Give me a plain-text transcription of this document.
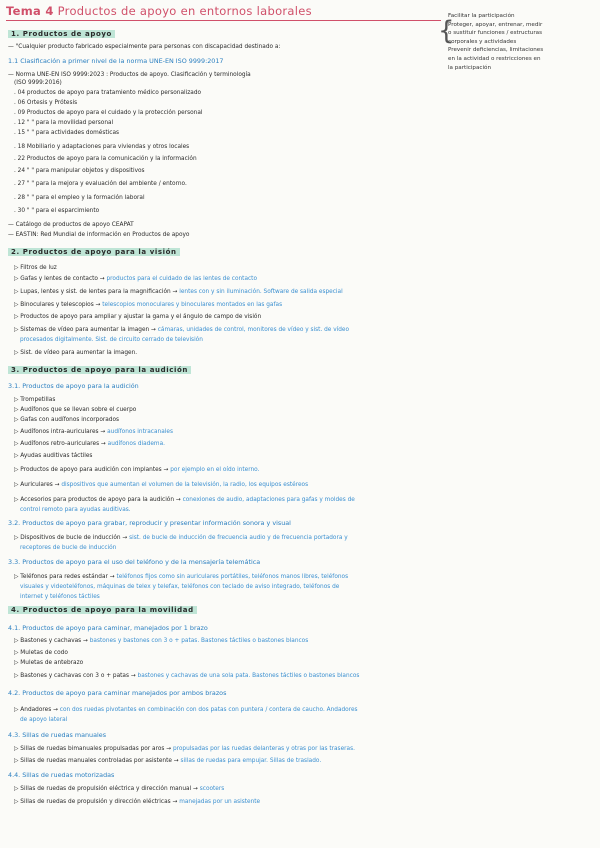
Tema 4 Productos de apoyo en entornos laborales
{
Facilitar la participación
Proteger, apoyar, entrenar, medir
o sustituir funciones / estructuras
corporales y actividades
Prevenir deficiencias, limitaciones
en la actividad o restricciones en
la participación
1. Productos de apoyo
— "Cualquier producto fabricado especialmente para personas con discapacidad destinado a:
1.1 Clasificación a primer nivel de la norma UNE-EN ISO 9999:2017
— Norma UNE-EN ISO 9999:2023 : Productos de apoyo. Clasificación y terminología
(ISO 9999:2016)
. 04 productos de apoyo para tratamiento médico personalizado
. 06 Ortesis y Prótesis
. 09 Productos de apoyo para el cuidado y la protección personal
. 12 " " para la movilidad personal
. 15 " " para actividades domésticas
. 18 Mobiliario y adaptaciones para viviendas y otros locales
. 22 Productos de apoyo para la comunicación y la información
. 24 " " para manipular objetos y dispositivos
. 27 " " para la mejora y evaluación del ambiente / entorno.
. 28 " " para el empleo y la formación laboral
. 30 " " para el esparcimiento
— Catálogo de productos de apoyo CEAPAT
— EASTIN: Red Mundial de información en Productos de apoyo
2. Productos de apoyo para la visión
▷ Filtros de luz
▷ Gafas y lentes de contacto → productos para el cuidado de las lentes de contacto
▷ Lupas, lentes y sist. de lentes para la magnificación → lentes con y sin iluminación. Software de salida especial
▷ Binoculares y telescopios → telescopios monoculares y binoculares montados en las gafas
▷ Productos de apoyo para ampliar y ajustar la gama y el ángulo de campo de visión
▷ Sistemas de vídeo para aumentar la imagen → cámaras, unidades de control, monitores de vídeo y sist. de vídeo
procesados digitalmente. Sist. de circuito cerrado de televisión
▷ Sist. de vídeo para aumentar la imagen.
3. Productos de apoyo para la audición
3.1. Productos de apoyo para la audición
▷ Trompetillas
▷ Audífonos que se llevan sobre el cuerpo
▷ Gafas con audífonos incorporados
▷ Audífonos intra-auriculares → audífonos intracanales
▷ Audífonos retro-auriculares → audífonos diadema.
▷ Ayudas auditivas táctiles
▷ Productos de apoyo para audición con implantes → por ejemplo en el oído interno.
▷ Auriculares → dispositivos que aumentan el volumen de la televisión, la radio, los equipos estéreos
▷ Accesorios para productos de apoyo para la audición → conexiones de audio, adaptaciones para gafas y moldes de
control remoto para ayudas auditivas.
3.2. Productos de apoyo para grabar, reproducir y presentar información sonora y visual
▷ Dispositivos de bucle de inducción → sist. de bucle de inducción de frecuencia audio y de frecuencia portadora y
receptores de bucle de inducción
3.3. Productos de apoyo para el uso del teléfono y de la mensajería telemática
▷ Teléfonos para redes estándar → teléfonos fijos como sin auriculares portátiles, teléfonos manos libres, teléfonos
visuales y videoteléfonos, máquinas de telex y telefax, teléfonos con teclado de aviso integrado, teléfonos de
internet y teléfonos táctiles
4. Productos de apoyo para la movilidad
4.1. Productos de apoyo para caminar, manejados por 1 brazo
▷ Bastones y cachavas → bastones y bastones con 3 o + patas. Bastones táctiles o bastones blancos
▷ Muletas de codo
▷ Muletas de antebrazo
▷ Bastones y cachavas con 3 o + patas → bastones y cachavas de una sola pata. Bastones táctiles o bastones blancos
4.2. Productos de apoyo para caminar manejados por ambos brazos
▷ Andadores → con dos ruedas pivotantes en combinación con dos patas con puntera / contera de caucho. Andadores
de apoyo lateral
4.3. Sillas de ruedas manuales
▷ Sillas de ruedas bimanuales propulsadas por aros → propulsadas por las ruedas delanteras y otras por las traseras.
▷ Sillas de ruedas manuales controladas por asistente → sillas de ruedas para empujar. Sillas de traslado.
4.4. Sillas de ruedas motorizadas
▷ Sillas de ruedas de propulsión eléctrica y dirección manual → scooters
▷ Sillas de ruedas de propulsión y dirección eléctricas → manejadas por un asistente
